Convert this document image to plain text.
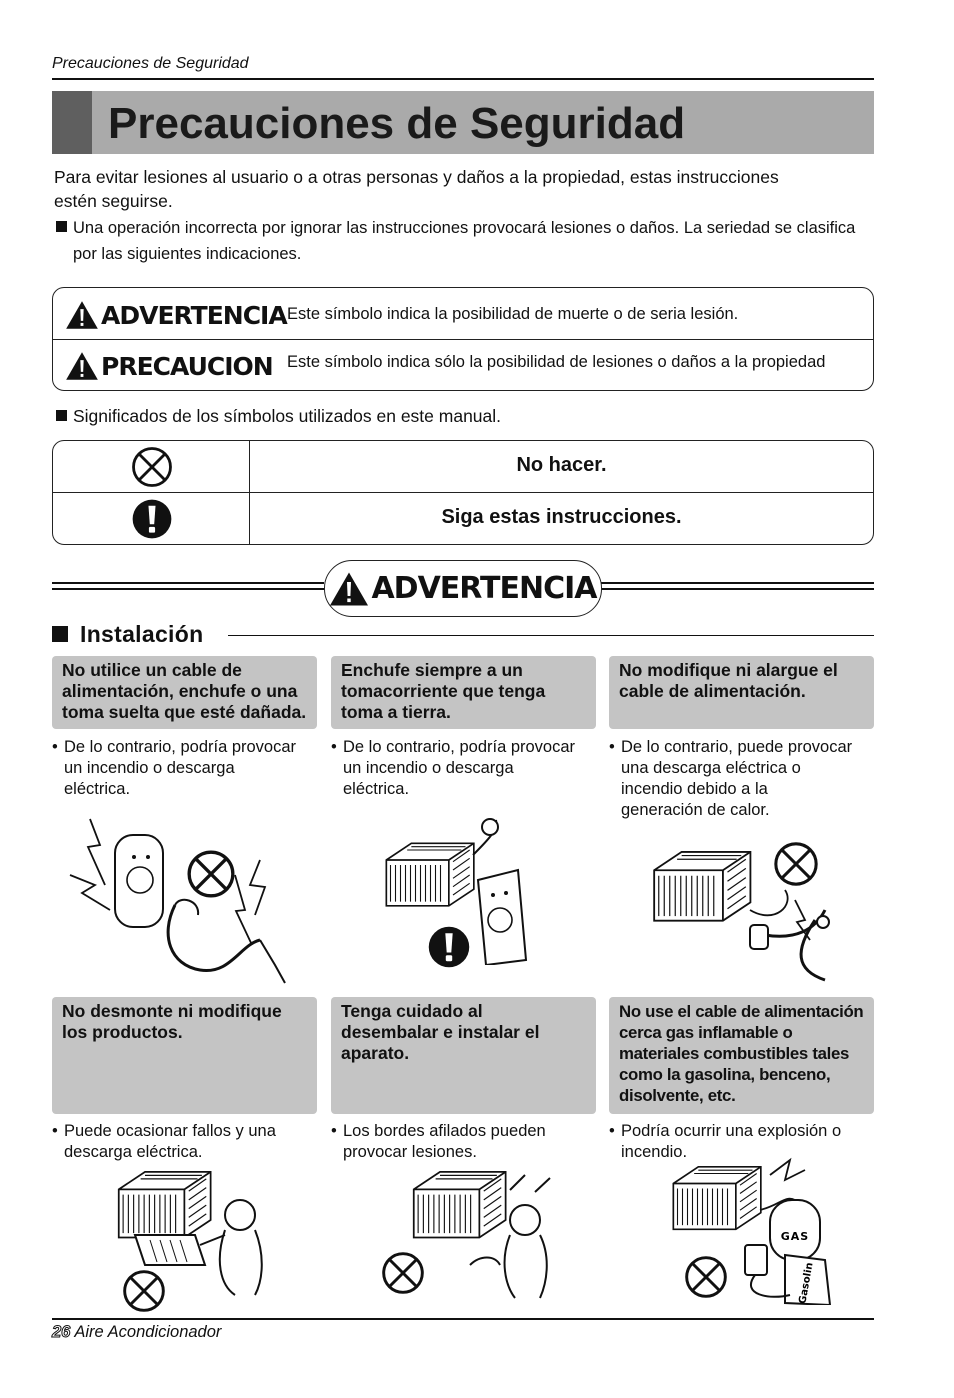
Precauciones de Seguridad
Precauciones de Seguridad
Para evitar lesiones al usuario o a otras personas y daños a la propiedad, estas instrucciones
estén seguirse.
Una operación incorrecta por ignorar las instrucciones provocará lesiones o daños. La seriedad se clasifica
por las siguientes indicaciones.
ADVERTENCIA Este símbolo indica la posibilidad de muerte o de seria lesión.
PRECAUCION Este símbolo indica sólo la posibilidad de lesiones o daños a la propiedad
Significados de los símbolos utilizados en este manual.
No hacer.
Siga estas instrucciones.
ADVERTENCIA
Instalación
No utilice un cable de
alimentación, enchufe o una
toma suelta que esté dañada.
Enchufe siempre a un
tomacorriente que tenga
toma a tierra.
No modifique ni alargue el
cable de alimentación.
• De lo contrario, podría provocar
un incendio o descarga
eléctrica.
• De lo contrario, podría provocar
un incendio o descarga
eléctrica.
• De lo contrario, puede provocar
una descarga eléctrica o
incendio debido a la
generación de calor.
No desmonte ni modifique
los productos.
Tenga cuidado al
desembalar e instalar el
aparato.
No use el cable de alimentación
cerca gas inflamable o
materiales combustibles tales
como la gasolina, benceno,
disolvente, etc.
• Puede ocasionar fallos y una
descarga eléctrica.
• Los bordes afilados pueden
provocar lesiones.
• Podría ocurrir una explosión o
incendio.
GAS
Gasolin
26 Aire Acondicionador
